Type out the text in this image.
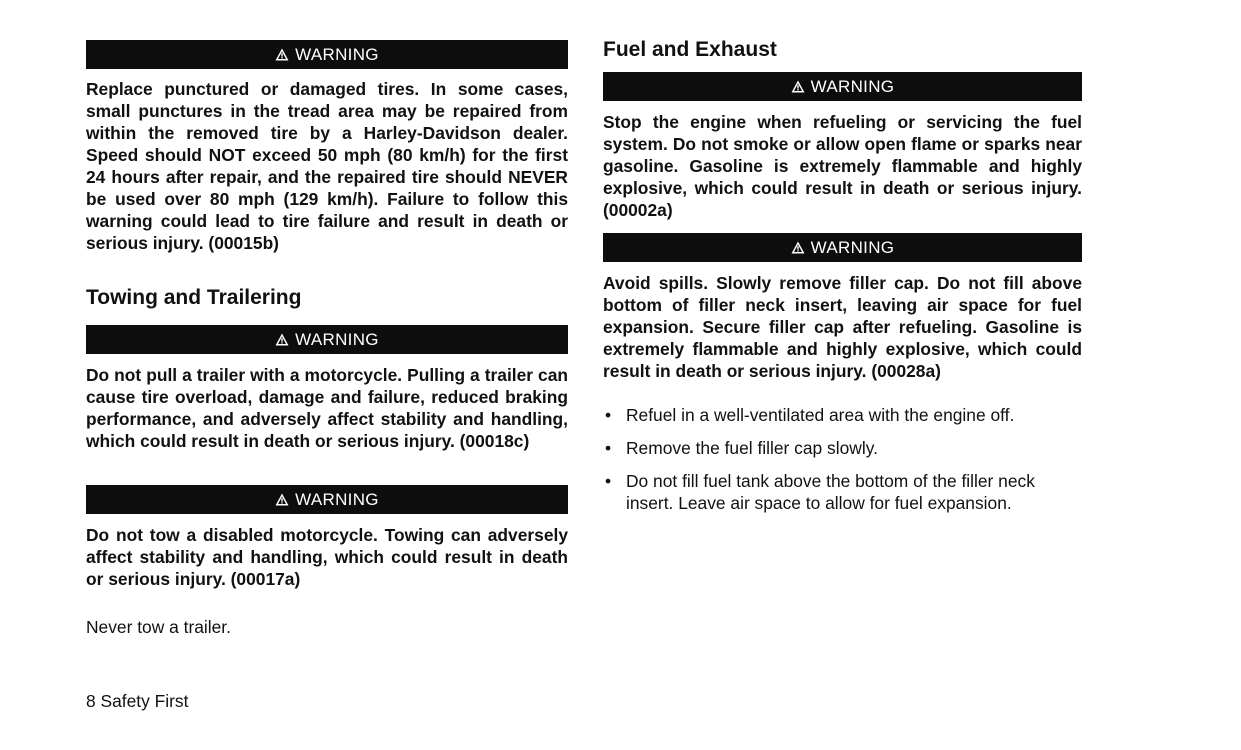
WARNING

Replace punctured or damaged tires. In some cases, small punctures in the tread area may be repaired from within the removed tire by a Harley-Davidson dealer. Speed should NOT exceed 50 mph (80 km/h) for the first 24 hours after repair, and the repaired tire should NEVER be used over 80 mph (129 km/h). Failure to follow this warning could lead to tire failure and result in death or serious injury. (00015b)

Towing and Trailering
WARNING

Do not pull a trailer with a motorcycle. Pulling a trailer can cause tire overload, damage and failure, reduced braking performance, and adversely affect stability and handling, which could result in death or serious injury. (00018c)

WARNING

Do not tow a disabled motorcycle. Towing can adversely affect stability and handling, which could result in death or serious injury. (00017a)

Never tow a trailer.

Fuel and Exhaust
WARNING

Stop the engine when refueling or servicing the fuel system. Do not smoke or allow open flame or sparks near gasoline. Gasoline is extremely flammable and highly explosive, which could result in death or serious injury. (00002a)

WARNING

Avoid spills. Slowly remove filler cap. Do not fill above bottom of filler neck insert, leaving air space for fuel expansion. Secure filler cap after refueling. Gasoline is extremely flammable and highly explosive, which could result in death or serious injury. (00028a)

• Refuel in a well-ventilated area with the engine off.
• Remove the fuel filler cap slowly.
• Do not fill fuel tank above the bottom of the filler neck insert. Leave air space to allow for fuel expansion.

8 Safety First
